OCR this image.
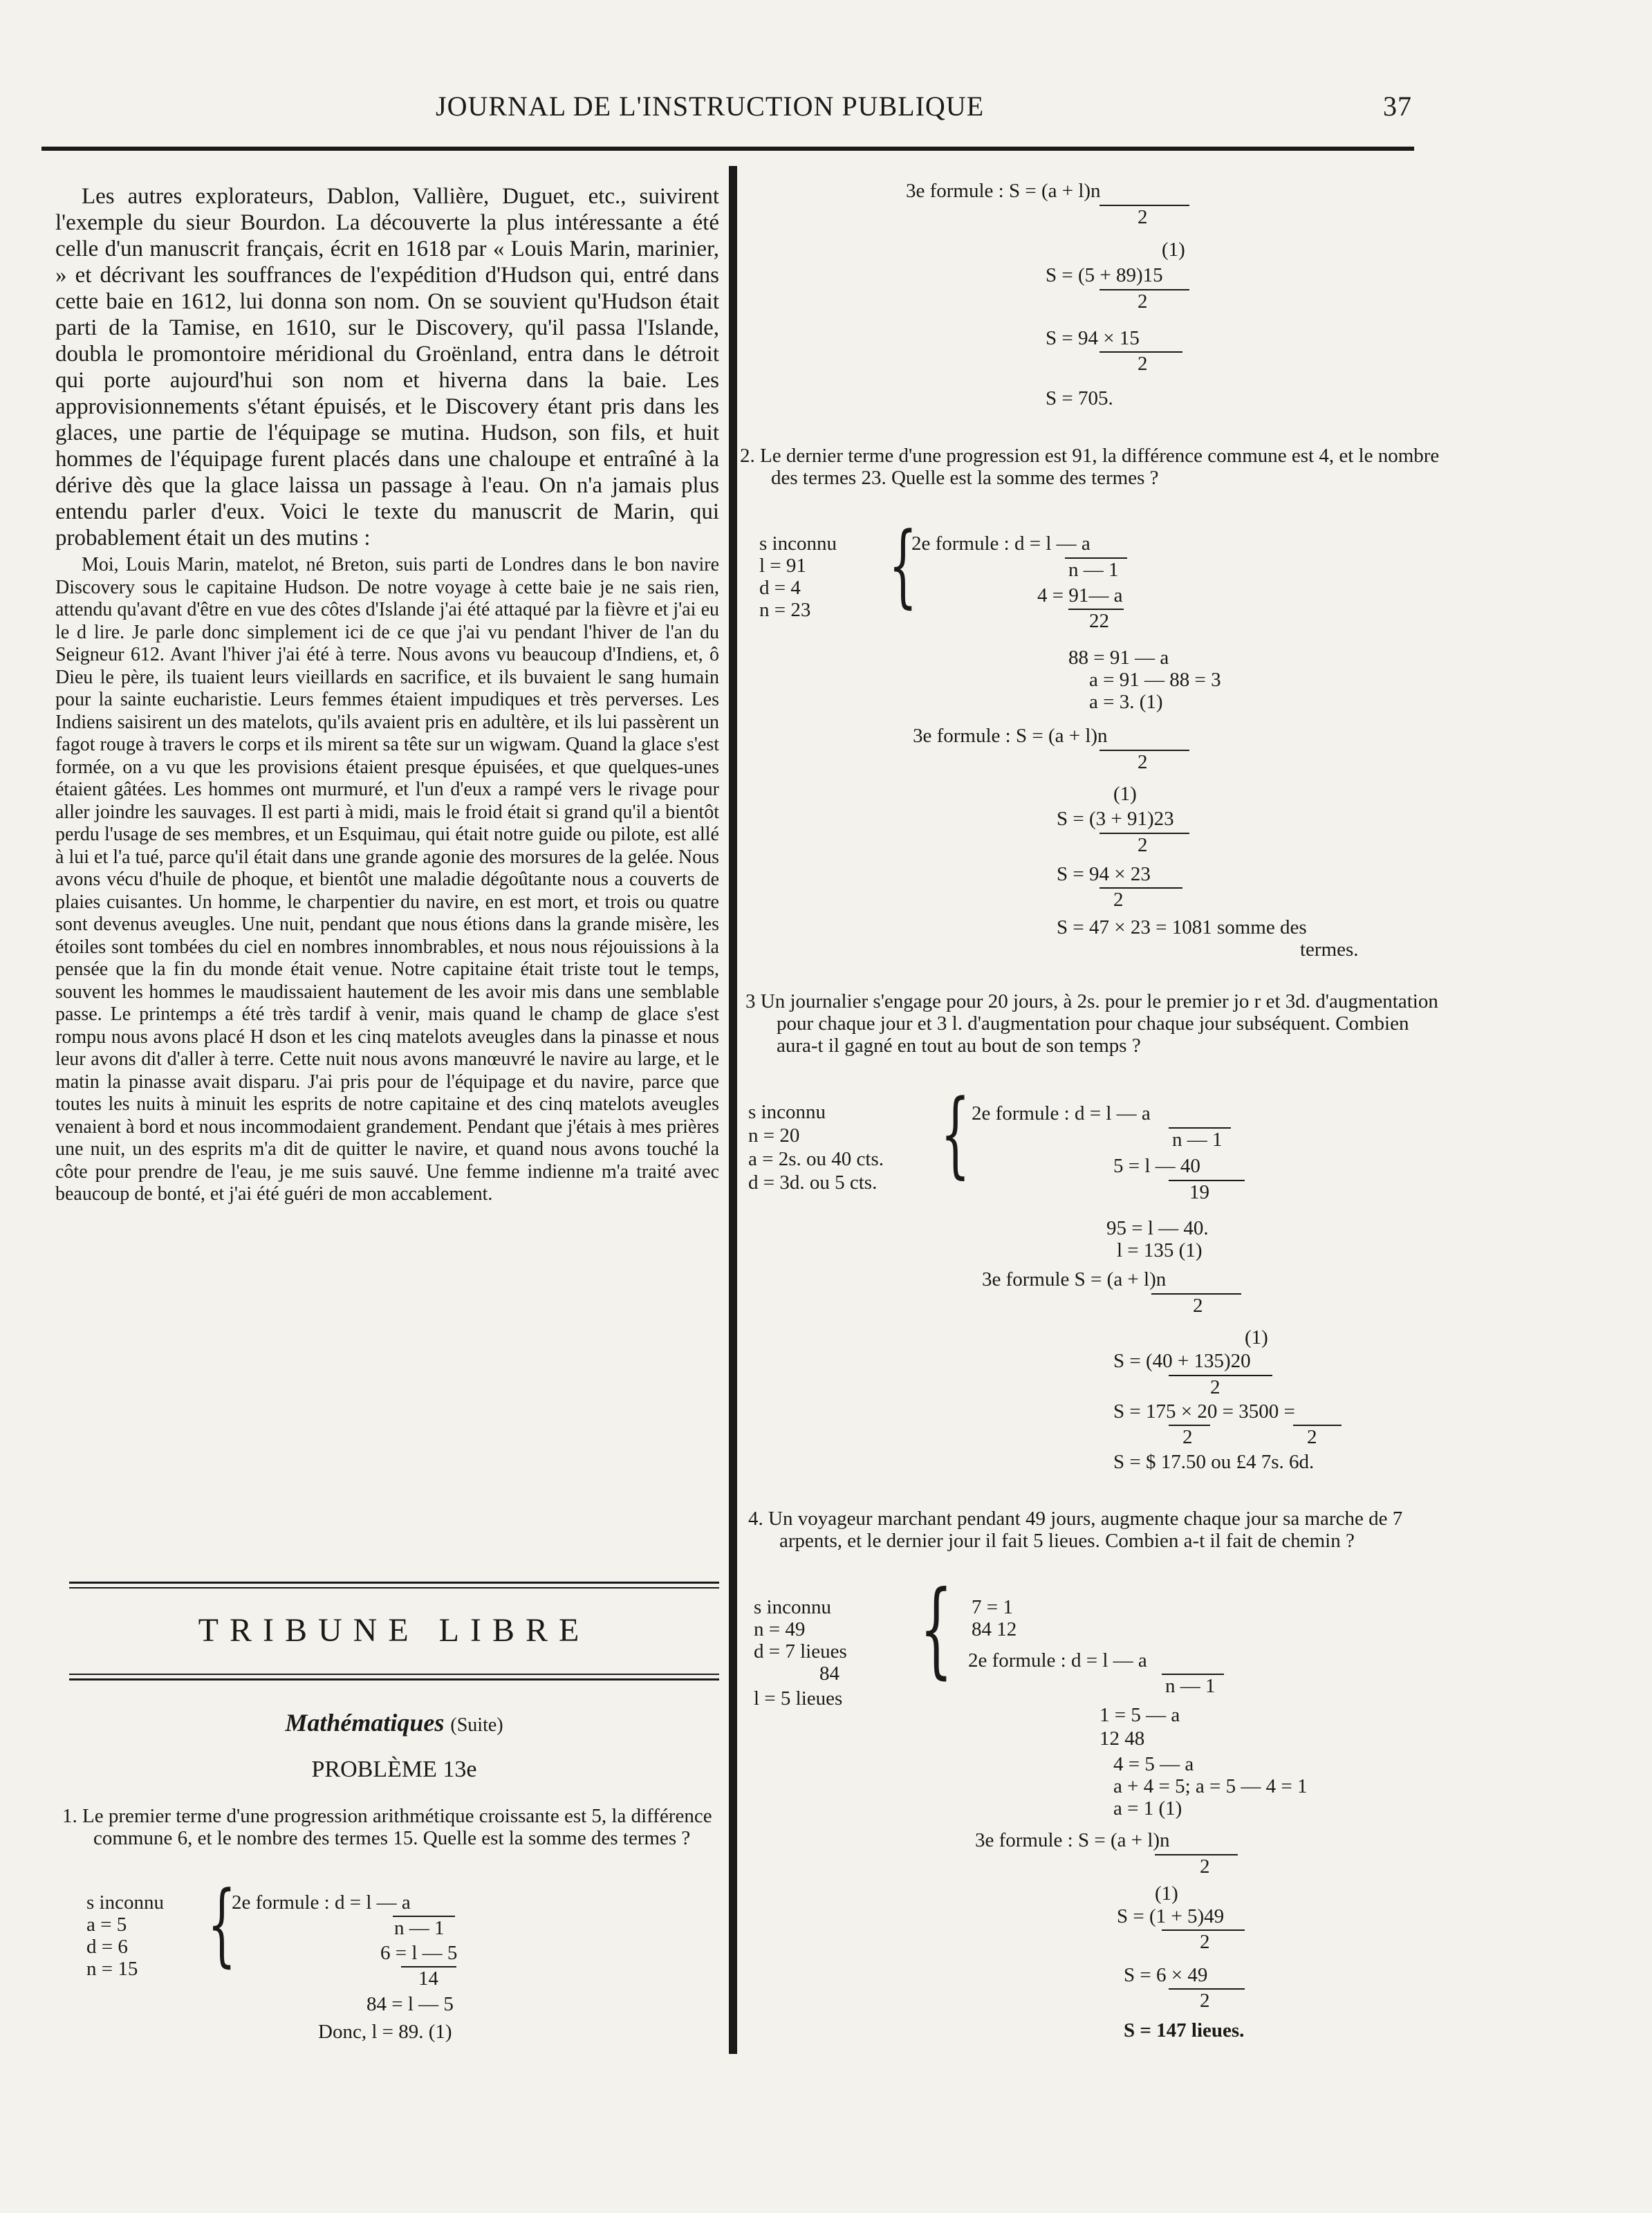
JOURNAL DE L'INSTRUCTION PUBLIQUE	37

Les autres explorateurs, Dablon, Vallière, Duguet, etc., suivirent l'exemple du sieur Bourdon. La découverte la plus intéressante a été celle d'un manuscrit français, écrit en 1618 par « Louis Marin, marinier, » et décrivant les souffrances de l'expédition d'Hudson qui, entré dans cette baie en 1612, lui donna son nom. On se souvient qu'Hudson était parti de la Tamise, en 1610, sur le Discovery, qu'il passa l'Islande, doubla le promontoire méridional du Groënland, entra dans le détroit qui porte aujourd'hui son nom et hiverna dans la baie. Les approvisionnements s'étant épuisés, et le Discovery étant pris dans les glaces, une partie de l'équipage se mutina. Hudson, son fils, et huit hommes de l'équipage furent placés dans une chaloupe et entraîné à la dérive dès que la glace laissa un passage à l'eau. On n'a jamais plus entendu parler d'eux. Voici le texte du manuscrit de Marin, qui probablement était un des mutins :

Moi, Louis Marin, matelot, né Breton, suis parti de Londres dans le bon navire Discovery sous le capitaine Hudson. De notre voyage à cette baie je ne sais rien, attendu qu'avant d'être en vue des côtes d'Islande j'ai été attaqué par la fièvre et j'ai eu le d lire. Je parle donc simplement ici de ce que j'ai vu pendant l'hiver de l'an du Seigneur 612. Avant l'hiver j'ai été à terre. Nous avons vu beaucoup d'Indiens, et, ô Dieu le père, ils tuaient leurs vieillards en sacrifice, et ils buvaient le sang humain pour la sainte eucharistie. Leurs femmes étaient impudiques et très perverses. Les Indiens saisirent un des matelots, qu'ils avaient pris en adultère, et ils lui passèrent un fagot rouge à travers le corps et ils mirent sa tête sur un wigwam. Quand la glace s'est formée, on a vu que les provisions étaient presque épuisées, et que quelques-unes étaient gâtées. Les hommes ont murmuré, et l'un d'eux a rampé vers le rivage pour aller joindre les sauvages. Il est parti à midi, mais le froid était si grand qu'il a bientôt perdu l'usage de ses membres, et un Esquimau, qui était notre guide ou pilote, est allé à lui et l'a tué, parce qu'il était dans une grande agonie des morsures de la gelée. Nous avons vécu d'huile de phoque, et bientôt une maladie dégoûtante nous a couverts de plaies cuisantes. Un homme, le charpentier du navire, en est mort, et trois ou quatre sont devenus aveugles. Une nuit, pendant que nous étions dans la grande misère, les étoiles sont tombées du ciel en nombres innombrables, et nous nous réjouissions à la pensée que la fin du monde était venue. Notre capitaine était triste tout le temps, souvent les hommes le maudissaient hautement de les avoir mis dans une semblable passe. Le printemps a été très tardif à venir, mais quand le champ de glace s'est rompu nous avons placé H dson et les cinq matelots aveugles dans la pinasse et nous leur avons dit d'aller à terre. Cette nuit nous avons manœuvré le navire au large, et le matin la pinasse avait disparu. J'ai pris pour de l'équipage et du navire, parce que toutes les nuits à minuit les esprits de notre capitaine et des cinq matelots aveugles venaient à bord et nous incommodaient grandement. Pendant que j'étais à mes prières une nuit, un des esprits m'a dit de quitter le navire, et quand nous avons touché la côte pour prendre de l'eau, je me suis sauvé. Une femme indienne m'a traité avec beaucoup de bonté, et j'ai été guéri de mon accablement.

TRIBUNE LIBRE
Mathématiques (Suite)
PROBLÈME 13e
1. Le premier terme d'une progression arithmétique croissante est 5, la différence commune 6, et le nombre des termes 15. Quelle est la somme des termes ?
s inconnu
a = 5
d = 6
n = 15 {
2e formule : d = l — a
n — 1
6 = l — 5
14
84 = l — 5
Donc, l = 89. (1)
3e formule : S = (a + l)n
2
(1)
S = (5 + 89)15
2
S = 94 × 15
2
S = 705.
2. Le dernier terme d'une progression est 91, la différence commune est 4, et le nombre des termes 23. Quelle est la somme des termes ?
s inconnu
l = 91
d = 4
n = 23 {
2e formule : d = l — a
n — 1
4 = 91— a
22
88 = 91 — a
a = 91 — 88 = 3
a = 3. (1)
3e formule : S = (a + l)n
2
(1)
S = (3 + 91)23
2
S = 94 × 23
2
S = 47 × 23 = 1081 somme des
termes.
3 Un journalier s'engage pour 20 jours, à 2s. pour le premier jo r et 3d. d'augmentation pour chaque jour et 3 l. d'augmentation pour chaque jour subséquent. Combien aura-t il gagné en tout au bout de son temps ?
s inconnu
n = 20
a = 2s. ou 40 cts.
d = 3d. ou 5 cts. { 2e formule : d = l — a
n — 1
5 = l — 40
19
95 = l — 40.
l = 135 (1)
3e formule S = (a + l)n
2
(1)
S = (40 + 135)20
2
S = 175 × 20 = 3500 =
2	2
S = $ 17.50 ou £4 7s. 6d.
4. Un voyageur marchant pendant 49 jours, augmente chaque jour sa marche de 7 arpents, et le dernier jour il fait 5 lieues. Combien a-t il fait de chemin ?
s inconnu
n = 49
d = 7 lieues
84
l = 5 lieues
{ 7 = 1
84 12
2e formule : d = l — a
n — 1
1 = 5 — a
12 48
4 = 5 — a
a + 4 = 5; a = 5 — 4 = 1
a = 1 (1)
3e formule : S = (a + l)n
2
(1)
S = (1 + 5)49
2
S = 6 × 49
2
S = 147 lieues.
